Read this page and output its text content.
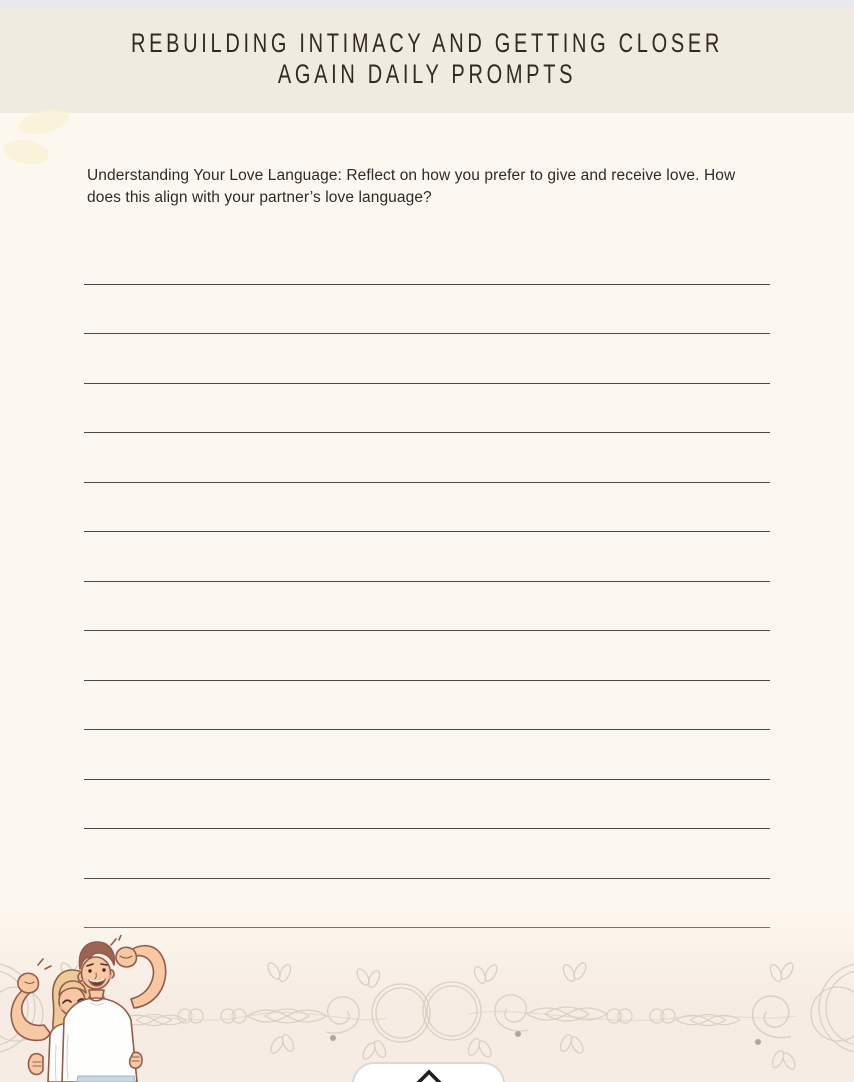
REBUILDING INTIMACY AND GETTING CLOSER
AGAIN DAILY PROMPTS
Understanding Your Love Language: Reflect on how you prefer to give and receive love. How does this align with your partner’s love language?
